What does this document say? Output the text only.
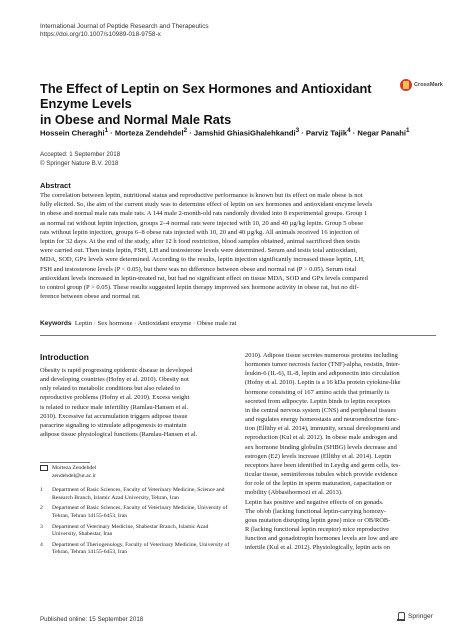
International Journal of Peptide Research and Therapeutics
https://doi.org/10.1007/s10989-018-9758-x
CrossMark
The Effect of Leptin on Sex Hormones and Antioxidant Enzyme Levels
in Obese and Normal Male Rats
Hossein Cheraghi$^1$ · Morteza Zendehdel$^2$ · Jamshid GhiasiGhalehkandi$^3$ · Parviz Tajik$^4$ · Negar Panahi$^1$
Accepted: 1 September 2018
© Springer Nature B.V. 2018
Abstract
The correlation between leptin, nutritional status and reproductive performance is known but its effect on male obese is not
fully elicited. So, the aim of the current study was to determine effect of leptin on sex hormones and antioxidant enzyme levels
in obese and normal male rats male rats. A 144 male 2-month-old rats randomly divided into 8 experimental groups. Group 1
as normal rat without leptin injection, groups 2–4 normal rats were injected with 10, 20 and 40 µg/kg leptin. Group 5 obese
rats without leptin injection, groups 6–8 obese rats injected with 10, 20 and 40 µg/kg. All animals received 16 injection of
leptin for 32 days. At the end of the study, after 12 h food restriction, blood samples obtained, animal sacrificed then testis
were carried out. Then testis leptin, FSH, LH and testosterone levels were determined. Serum and testis total antioxidant,
MDA, SOD, GPx levels were determined. According to the results, leptin injection significantly increased tissue leptin, LH,
FSH and testosterone levels (P < 0.05), but there was no difference between obese and normal rat (P > 0.05). Serum total
antioxidant levels increased in leptin-treated rat, but had no significant effect on tissue MDA, SOD and GPx levels compared
to control group (P > 0.05). These results suggested leptin therapy improved sex hormone activity in obese rat, but no dif-
ference between obese and normal rat.
Keywords Leptin · Sex hormone · Antioxidant enzyme · Obese male rat
Introduction
Obesity is rapid progressing epidemic disease in developed
and developing countries (Hofny et al. 2010). Obesity not
only related to metabolic conditions but also related to
reproductive problems (Hofny et al. 2010). Excess weight
is related to reduce male infertility (Ramlau-Hansen et al.
2010). Excessive fat accumulation triggers adipose tissue
paracrine signaling to stimulate adipogenesis to maintain
adipose tissue physiological functions (Ramlau-Hansen et al.
2010). Adipose tissue secretes numerous proteins including
hormones tumor necrosis factor (TNF)-alpha, resistin, Inter-
leukin-6 (IL-6), IL-8, leptin and adiponectin into circulation
(Hofny et al. 2010). Leptin is a 16 kDa protein cytokine-like
hormone consisting of 167 amino acids that primarily is
secreted from adipocyte. Leptin binds to leptin receptors
in the central nervous system (CNS) and peripheral tissues
and regulates energy homeostasis and neuroendocrine func-
tion (Ellithy et al. 2014), immunity, sexual development and
reproduction (Kul et al. 2012). In obese male androgen and
sex hormone binding globulin (SHBG) levels decrease and
estrogen (E2) levels increase (Ellithy et al. 2014). Leptin
receptors have been identified in Leydig and germ cells, tes-
ticular tissue, seminiferous tubules which provide evidence
for role of the leptin in sperm maturation, capacitation or
mobility (Abbasihormozi et al. 2013).
Leptin has positive and negative effects of on gonads.
The ob/ob (lacking functional leptin-carrying homozy-
gous mutation disrupting leptin gene) mice or OB/ROB-
R (lacking functional leptin receptor) mice reproductive
function and gonadotropin hormones levels are low and are
infertile (Kul et al. 2012). Physiologically, leptin acts on
Morteza Zendehdel
zendehdel@ut.ac.ir
1	Department of Basic Sciences, Faculty of Veterinary Medicine, Science and Research Branch, Islamic Azad University, Tehran, Iran
2	Department of Basic Sciences, Faculty of Veterinary Medicine, University of Tehran, Tehran 14155-6453, Iran
3	Department of Veterinary Medicine, Shabestar Branch, Islamic Azad University, Shabestar, Iran
4	Department of Theriogenology, Faculty of Veterinary Medicine, University of Tehran, Tehran 14155-6453, Iran
Published online: 15 September 2018	Springer
